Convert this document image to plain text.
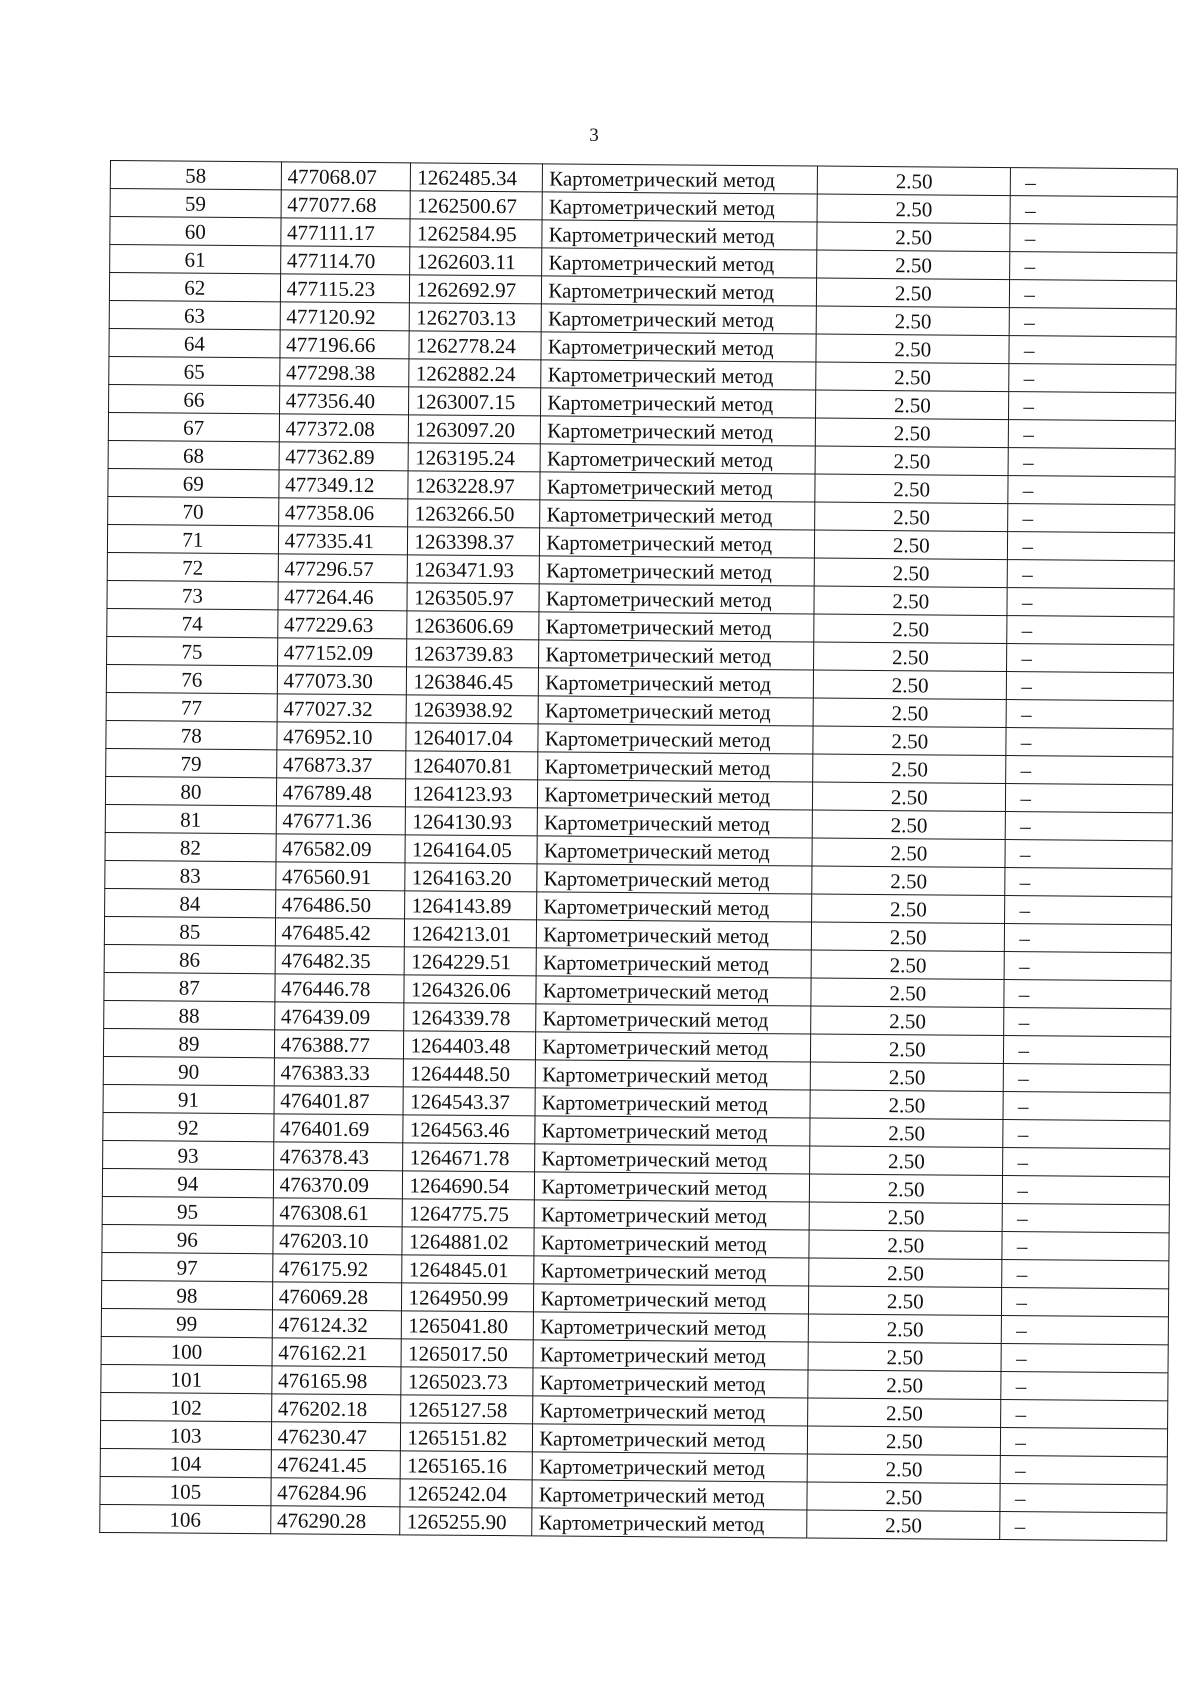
3
58	477068.07	1262485.34	Картометрический метод	2.50	–
59	477077.68	1262500.67	Картометрический метод	2.50	–
60	477111.17	1262584.95	Картометрический метод	2.50	–
61	477114.70	1262603.11	Картометрический метод	2.50	–
62	477115.23	1262692.97	Картометрический метод	2.50	–
63	477120.92	1262703.13	Картометрический метод	2.50	–
64	477196.66	1262778.24	Картометрический метод	2.50	–
65	477298.38	1262882.24	Картометрический метод	2.50	–
66	477356.40	1263007.15	Картометрический метод	2.50	–
67	477372.08	1263097.20	Картометрический метод	2.50	–
68	477362.89	1263195.24	Картометрический метод	2.50	–
69	477349.12	1263228.97	Картометрический метод	2.50	–
70	477358.06	1263266.50	Картометрический метод	2.50	–
71	477335.41	1263398.37	Картометрический метод	2.50	–
72	477296.57	1263471.93	Картометрический метод	2.50	–
73	477264.46	1263505.97	Картометрический метод	2.50	–
74	477229.63	1263606.69	Картометрический метод	2.50	–
75	477152.09	1263739.83	Картометрический метод	2.50	–
76	477073.30	1263846.45	Картометрический метод	2.50	–
77	477027.32	1263938.92	Картометрический метод	2.50	–
78	476952.10	1264017.04	Картометрический метод	2.50	–
79	476873.37	1264070.81	Картометрический метод	2.50	–
80	476789.48	1264123.93	Картометрический метод	2.50	–
81	476771.36	1264130.93	Картометрический метод	2.50	–
82	476582.09	1264164.05	Картометрический метод	2.50	–
83	476560.91	1264163.20	Картометрический метод	2.50	–
84	476486.50	1264143.89	Картометрический метод	2.50	–
85	476485.42	1264213.01	Картометрический метод	2.50	–
86	476482.35	1264229.51	Картометрический метод	2.50	–
87	476446.78	1264326.06	Картометрический метод	2.50	–
88	476439.09	1264339.78	Картометрический метод	2.50	–
89	476388.77	1264403.48	Картометрический метод	2.50	–
90	476383.33	1264448.50	Картометрический метод	2.50	–
91	476401.87	1264543.37	Картометрический метод	2.50	–
92	476401.69	1264563.46	Картометрический метод	2.50	–
93	476378.43	1264671.78	Картометрический метод	2.50	–
94	476370.09	1264690.54	Картометрический метод	2.50	–
95	476308.61	1264775.75	Картометрический метод	2.50	–
96	476203.10	1264881.02	Картометрический метод	2.50	–
97	476175.92	1264845.01	Картометрический метод	2.50	–
98	476069.28	1264950.99	Картометрический метод	2.50	–
99	476124.32	1265041.80	Картометрический метод	2.50	–
100	476162.21	1265017.50	Картометрический метод	2.50	–
101	476165.98	1265023.73	Картометрический метод	2.50	–
102	476202.18	1265127.58	Картометрический метод	2.50	–
103	476230.47	1265151.82	Картометрический метод	2.50	–
104	476241.45	1265165.16	Картометрический метод	2.50	–
105	476284.96	1265242.04	Картометрический метод	2.50	–
106	476290.28	1265255.90	Картометрический метод	2.50	–
